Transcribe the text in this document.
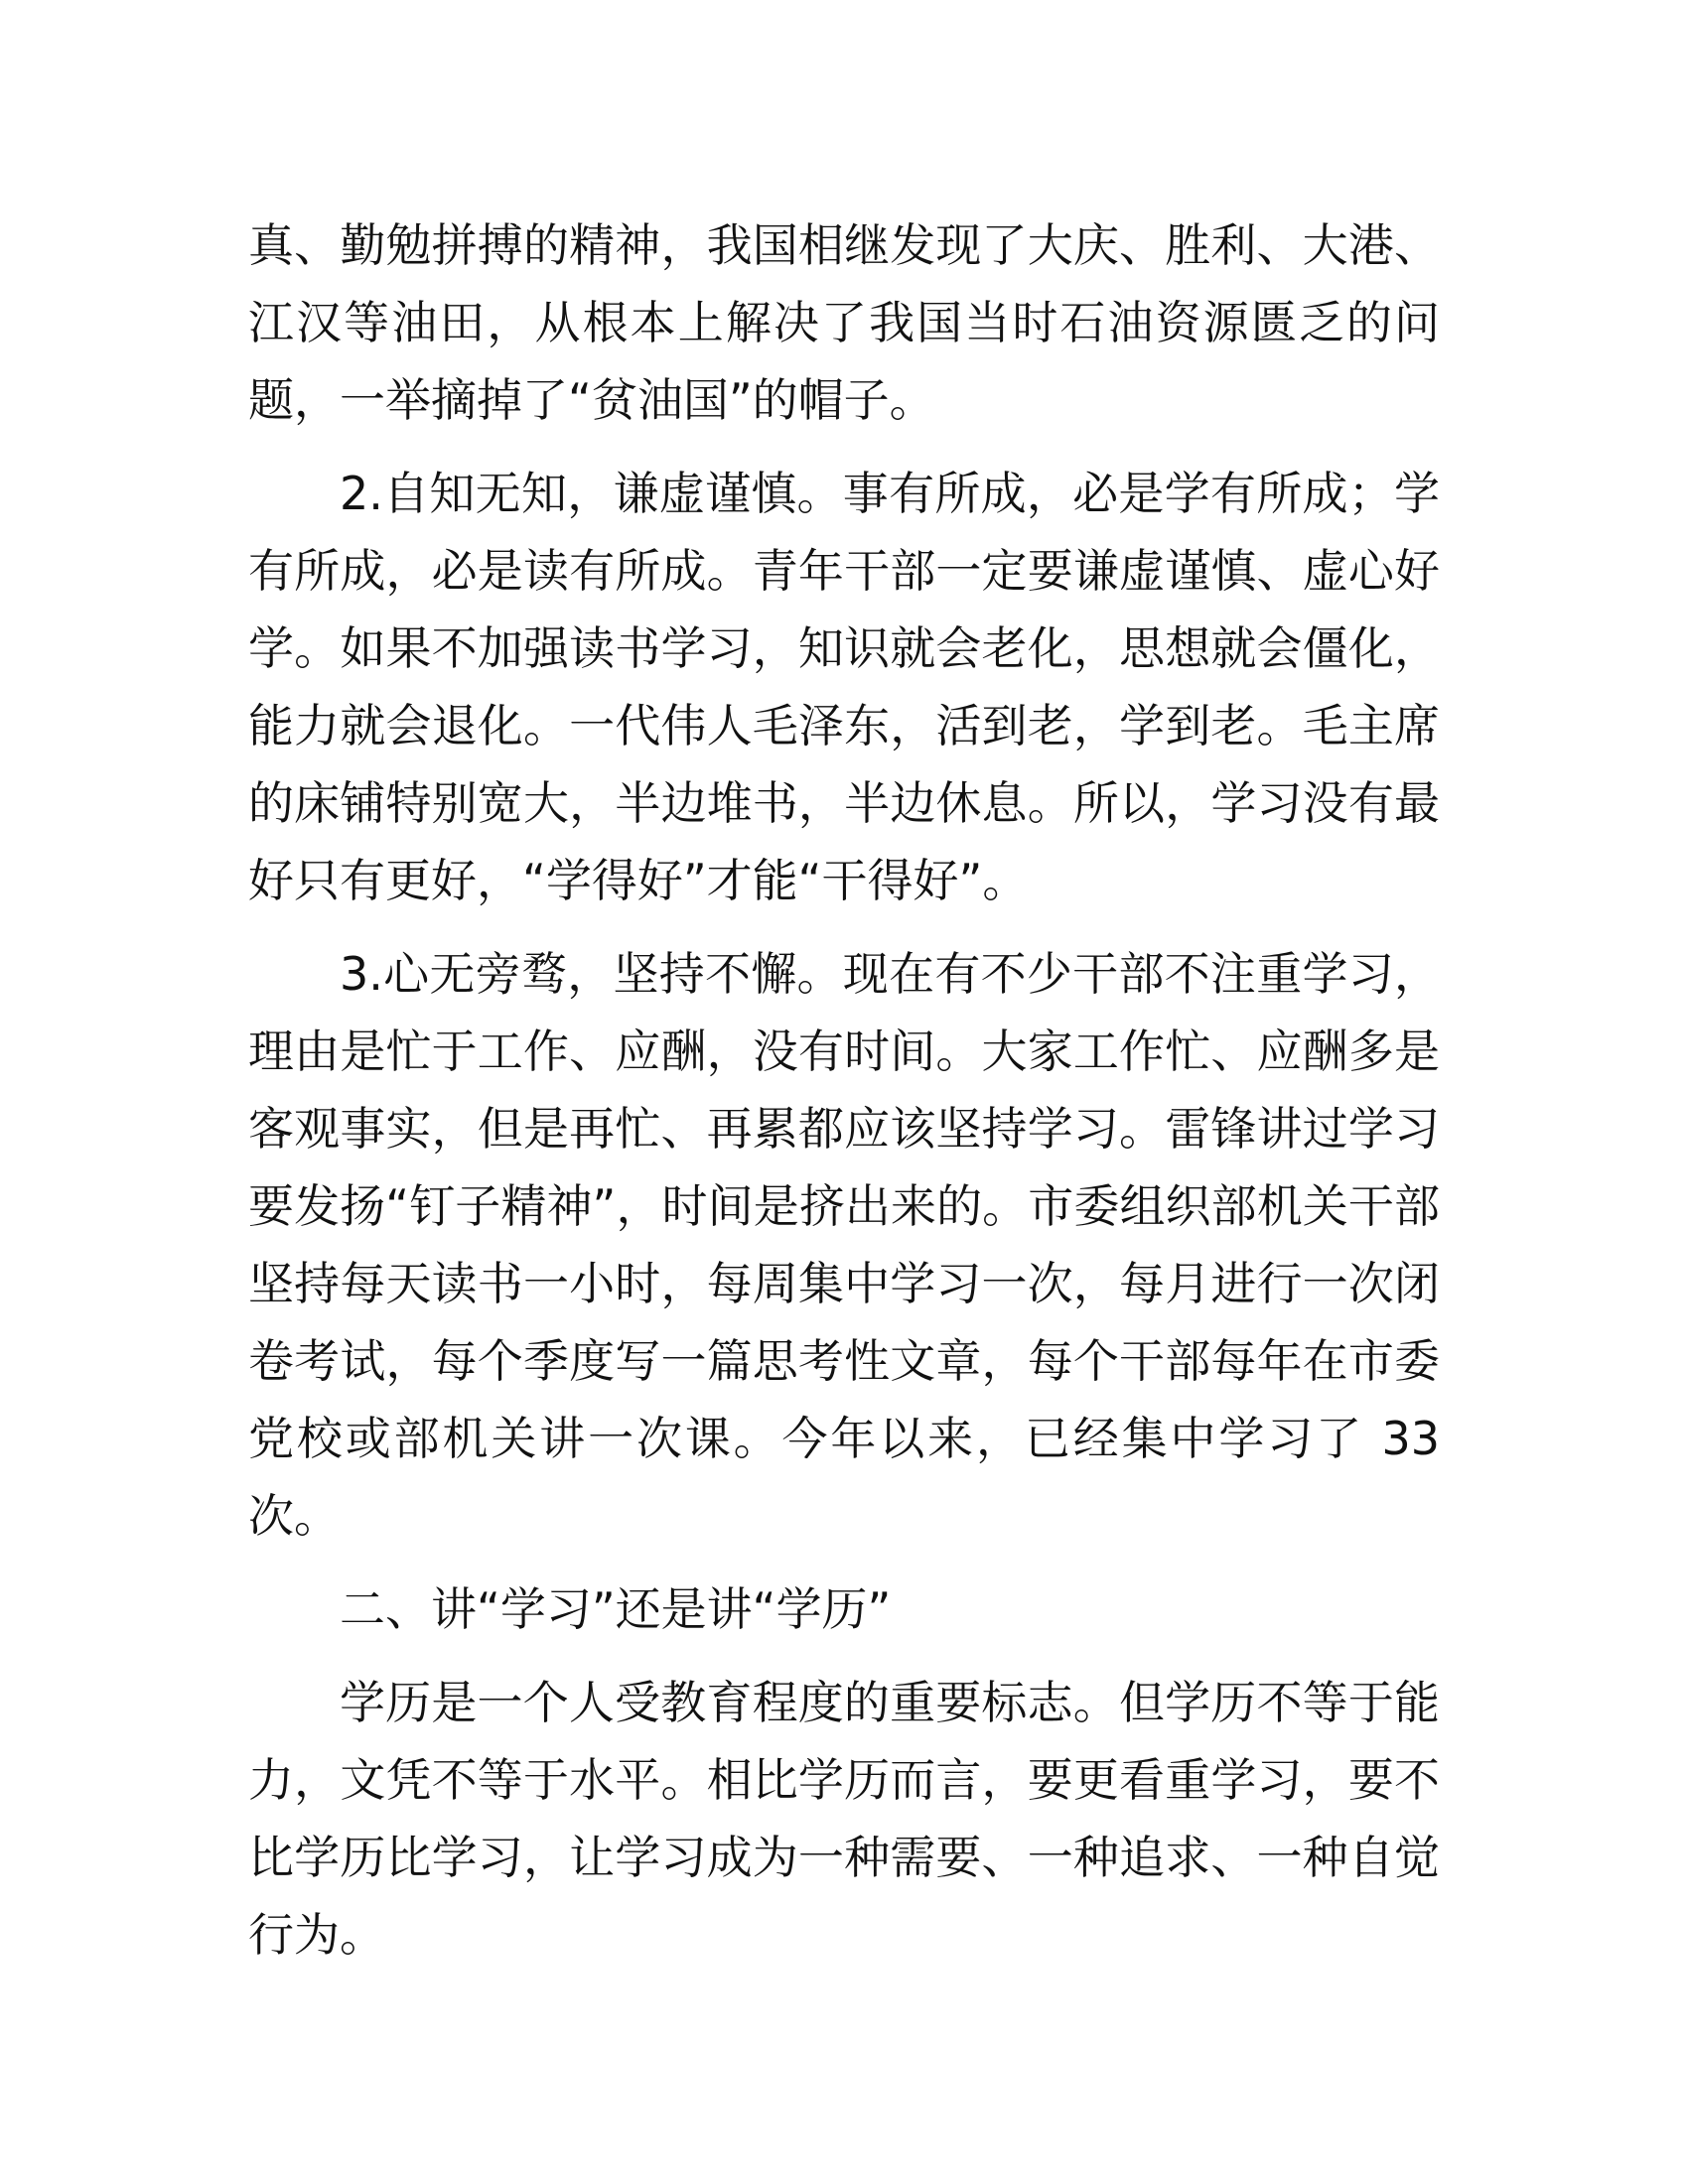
真、勤勉拼搏的精神，我国相继发现了大庆、胜利、大港、江汉等油田，从根本上解决了我国当时石油资源匮乏的问题，一举摘掉了“贫油国”的帽子。

2.自知无知，谦虚谨慎。事有所成，必是学有所成；学有所成，必是读有所成。青年干部一定要谦虚谨慎、虚心好学。如果不加强读书学习，知识就会老化，思想就会僵化，能力就会退化。一代伟人毛泽东，活到老，学到老。毛主席的床铺特别宽大，半边堆书，半边休息。所以，学习没有最好只有更好，“学得好”才能“干得好”。

3.心无旁骛，坚持不懈。现在有不少干部不注重学习，理由是忙于工作、应酬，没有时间。大家工作忙、应酬多是客观事实，但是再忙、再累都应该坚持学习。雷锋讲过学习要发扬“钉子精神”，时间是挤出来的。市委组织部机关干部坚持每天读书一小时，每周集中学习一次，每月进行一次闭卷考试，每个季度写一篇思考性文章，每个干部每年在市委党校或部机关讲一次课。今年以来，已经集中学习了 33 次。

二、讲“学习”还是讲“学历”

学历是一个人受教育程度的重要标志。但学历不等于能力，文凭不等于水平。相比学历而言，要更看重学习，要不比学历比学习，让学习成为一种需要、一种追求、一种自觉行为。
